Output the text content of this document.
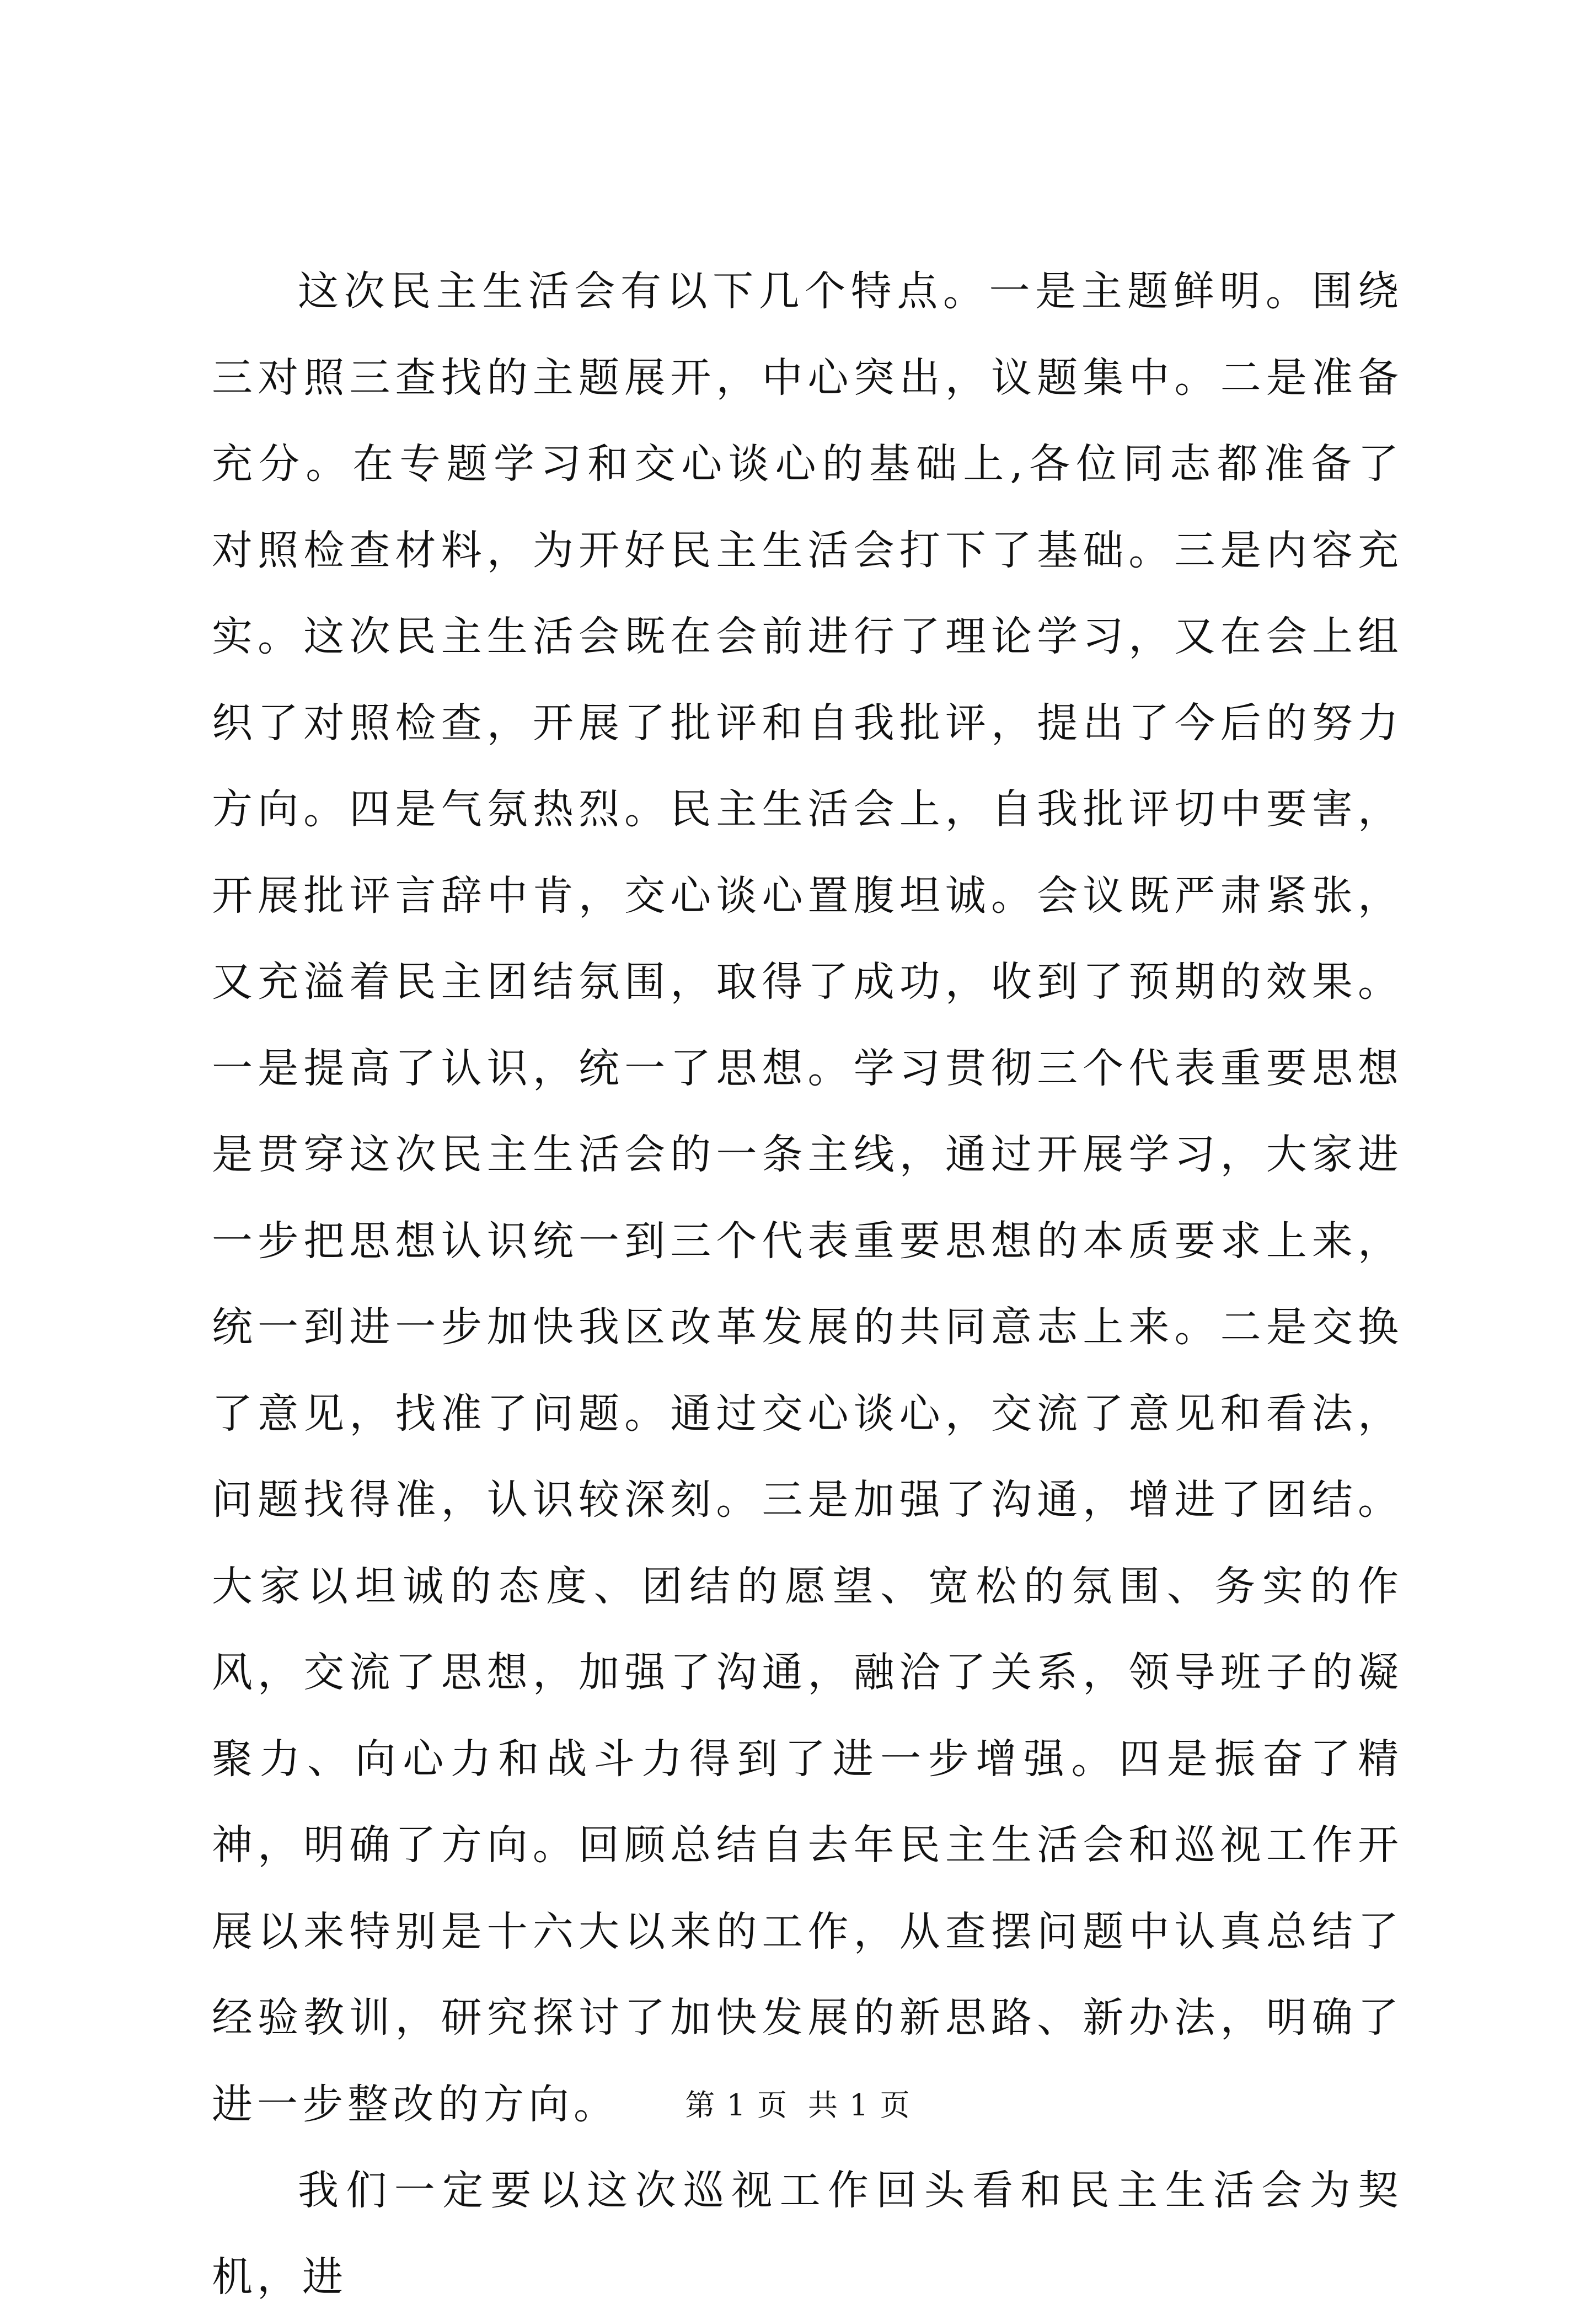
这次民主生活会有以下几个特点。一是主题鲜明。围绕三对照三查找的主题展开，中心突出，议题集中。二是准备充分。在专题学习和交心谈心的基础上,各位同志都准备了对照检查材料，为开好民主生活会打下了基础。三是内容充实。这次民主生活会既在会前进行了理论学习，又在会上组织了对照检查，开展了批评和自我批评，提出了今后的努力方向。四是气氛热烈。民主生活会上，自我批评切中要害，开展批评言辞中肯，交心谈心置腹坦诚。会议既严肃紧张，又充溢着民主团结氛围，取得了成功，收到了预期的效果。一是提高了认识，统一了思想。学习贯彻三个代表重要思想是贯穿这次民主生活会的一条主线，通过开展学习，大家进一步把思想认识统一到三个代表重要思想的本质要求上来，统一到进一步加快我区改革发展的共同意志上来。二是交换了意见，找准了问题。通过交心谈心，交流了意见和看法，问题找得准，认识较深刻。三是加强了沟通，增进了团结。大家以坦诚的态度、团结的愿望、宽松的氛围、务实的作风，交流了思想，加强了沟通，融洽了关系，领导班子的凝聚力、向心力和战斗力得到了进一步增强。四是振奋了精神，明确了方向。回顾总结自去年民主生活会和巡视工作开展以来特别是十六大以来的工作，从查摆问题中认真总结了经验教训，研究探讨了加快发展的新思路、新办法，明确了进一步整改的方向。

我们一定要以这次巡视工作回头看和民主生活会为契机，进

第 1 页 共 1 页
